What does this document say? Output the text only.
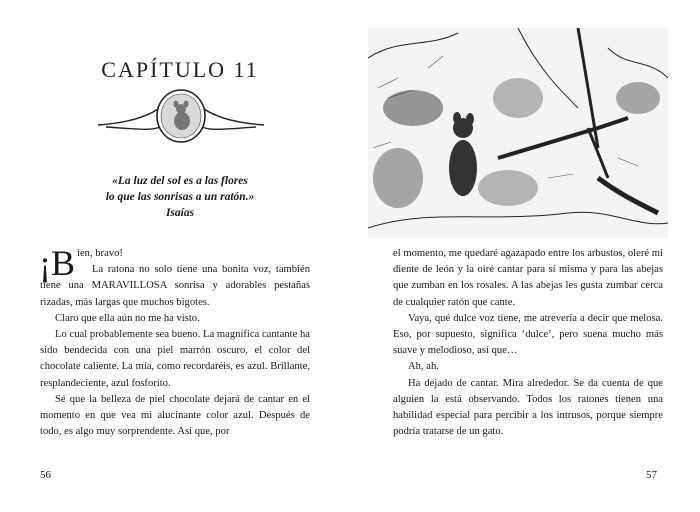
CAPÍTULO 11
«La luz del sol es a las flores
lo que las sonrisas a un ratón.»
Isaías

¡B ien, bravo!

La ratona no solo tiene una bonita voz, también tiene una MARAVILLOSA sonrisa y adorables pestañas rizadas, más largas que muchos bigotes.

Claro que ella aún no me ha visto.

Lo cual probablemente sea bueno. La magnífica cantante ha sido bendecida con una piel marrón oscuro, el color del chocolate caliente. La mía, como recordaréis, es azul. Brillante, resplandeciente, azul fosforito.

Sé que la belleza de piel chocolate dejará de cantar en el momento en que vea mi alucinante color azul. Después de todo, es algo muy sorprendente. Así que, por

el momento, me quedaré agazapado entre los arbustos, oleré mi diente de león y la oiré cantar para sí misma y para las abejas que zumban en los rosales. A las abejas les gusta zumbar cerca de cualquier ratón que cante.

Vaya, qué dulce voz tiene, me atrevería a decir que melosa. Eso, por supuesto, significa ‘dulce’, pero suena mucho más suave y melodioso, así que…

Ah, ah.

Ha dejado de cantar. Mira alrededor. Se da cuenta de que alguien la está observando. Todos los ratones tienen una habilidad especial para percibir a los intrusos, porque siempre podría tratarse de un gato.

56	57
